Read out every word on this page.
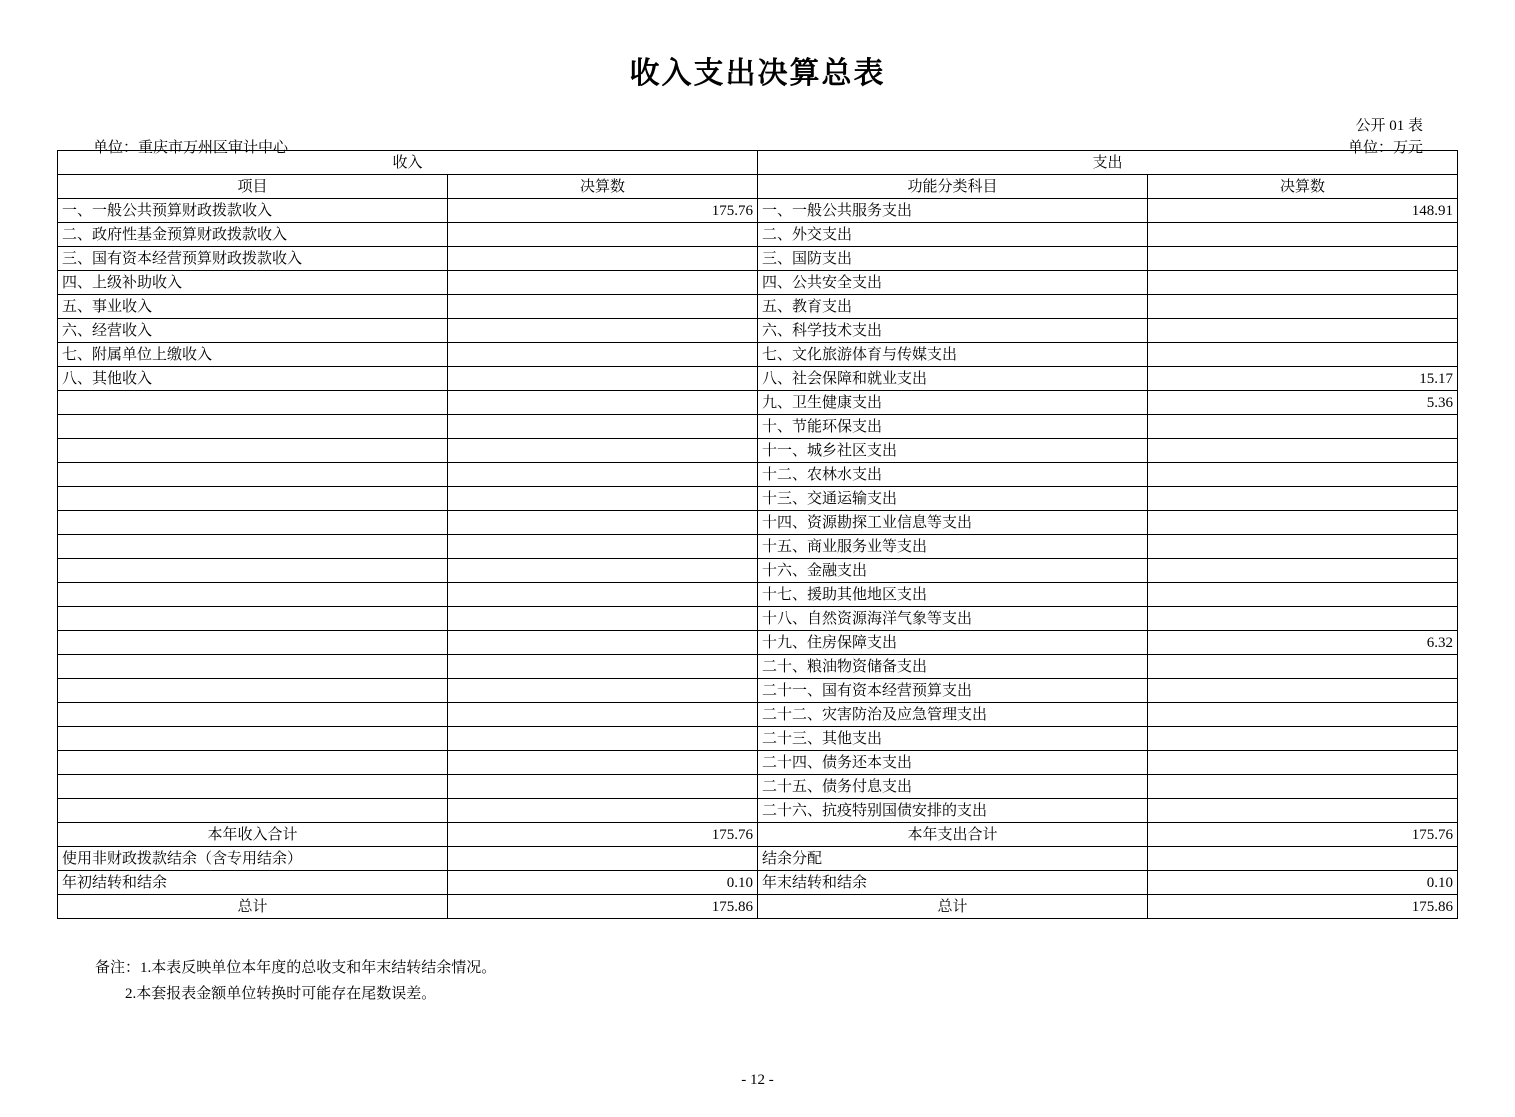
收入支出决算总表
公开 01 表
单位：万元
单位：重庆市万州区审计中心
收入		支出	
项目	决算数	功能分类科目	决算数
一、一般公共预算财政拨款收入	175.76	一、一般公共服务支出	148.91
二、政府性基金预算财政拨款收入		二、外交支出	
三、国有资本经营预算财政拨款收入		三、国防支出	
四、上级补助收入		四、公共安全支出	
五、事业收入		五、教育支出	
六、经营收入		六、科学技术支出	
七、附属单位上缴收入		七、文化旅游体育与传媒支出	
八、其他收入		八、社会保障和就业支出	15.17
		九、卫生健康支出	5.36
		十、节能环保支出	
		十一、城乡社区支出	
		十二、农林水支出	
		十三、交通运输支出	
		十四、资源勘探工业信息等支出	
		十五、商业服务业等支出	
		十六、金融支出	
		十七、援助其他地区支出	
		十八、自然资源海洋气象等支出	
		十九、住房保障支出	6.32
		二十、粮油物资储备支出	
		二十一、国有资本经营预算支出	
		二十二、灾害防治及应急管理支出	
		二十三、其他支出	
		二十四、债务还本支出	
		二十五、债务付息支出	
		二十六、抗疫特别国债安排的支出	
本年收入合计	175.76	本年支出合计	175.76
使用非财政拨款结余（含专用结余）		结余分配	
年初结转和结余	0.10	年末结转和结余	0.10
总计	175.86	总计	175.86
备注：1.本表反映单位本年度的总收支和年末结转结余情况。
2.本套报表金额单位转换时可能存在尾数误差。
- 12 -
